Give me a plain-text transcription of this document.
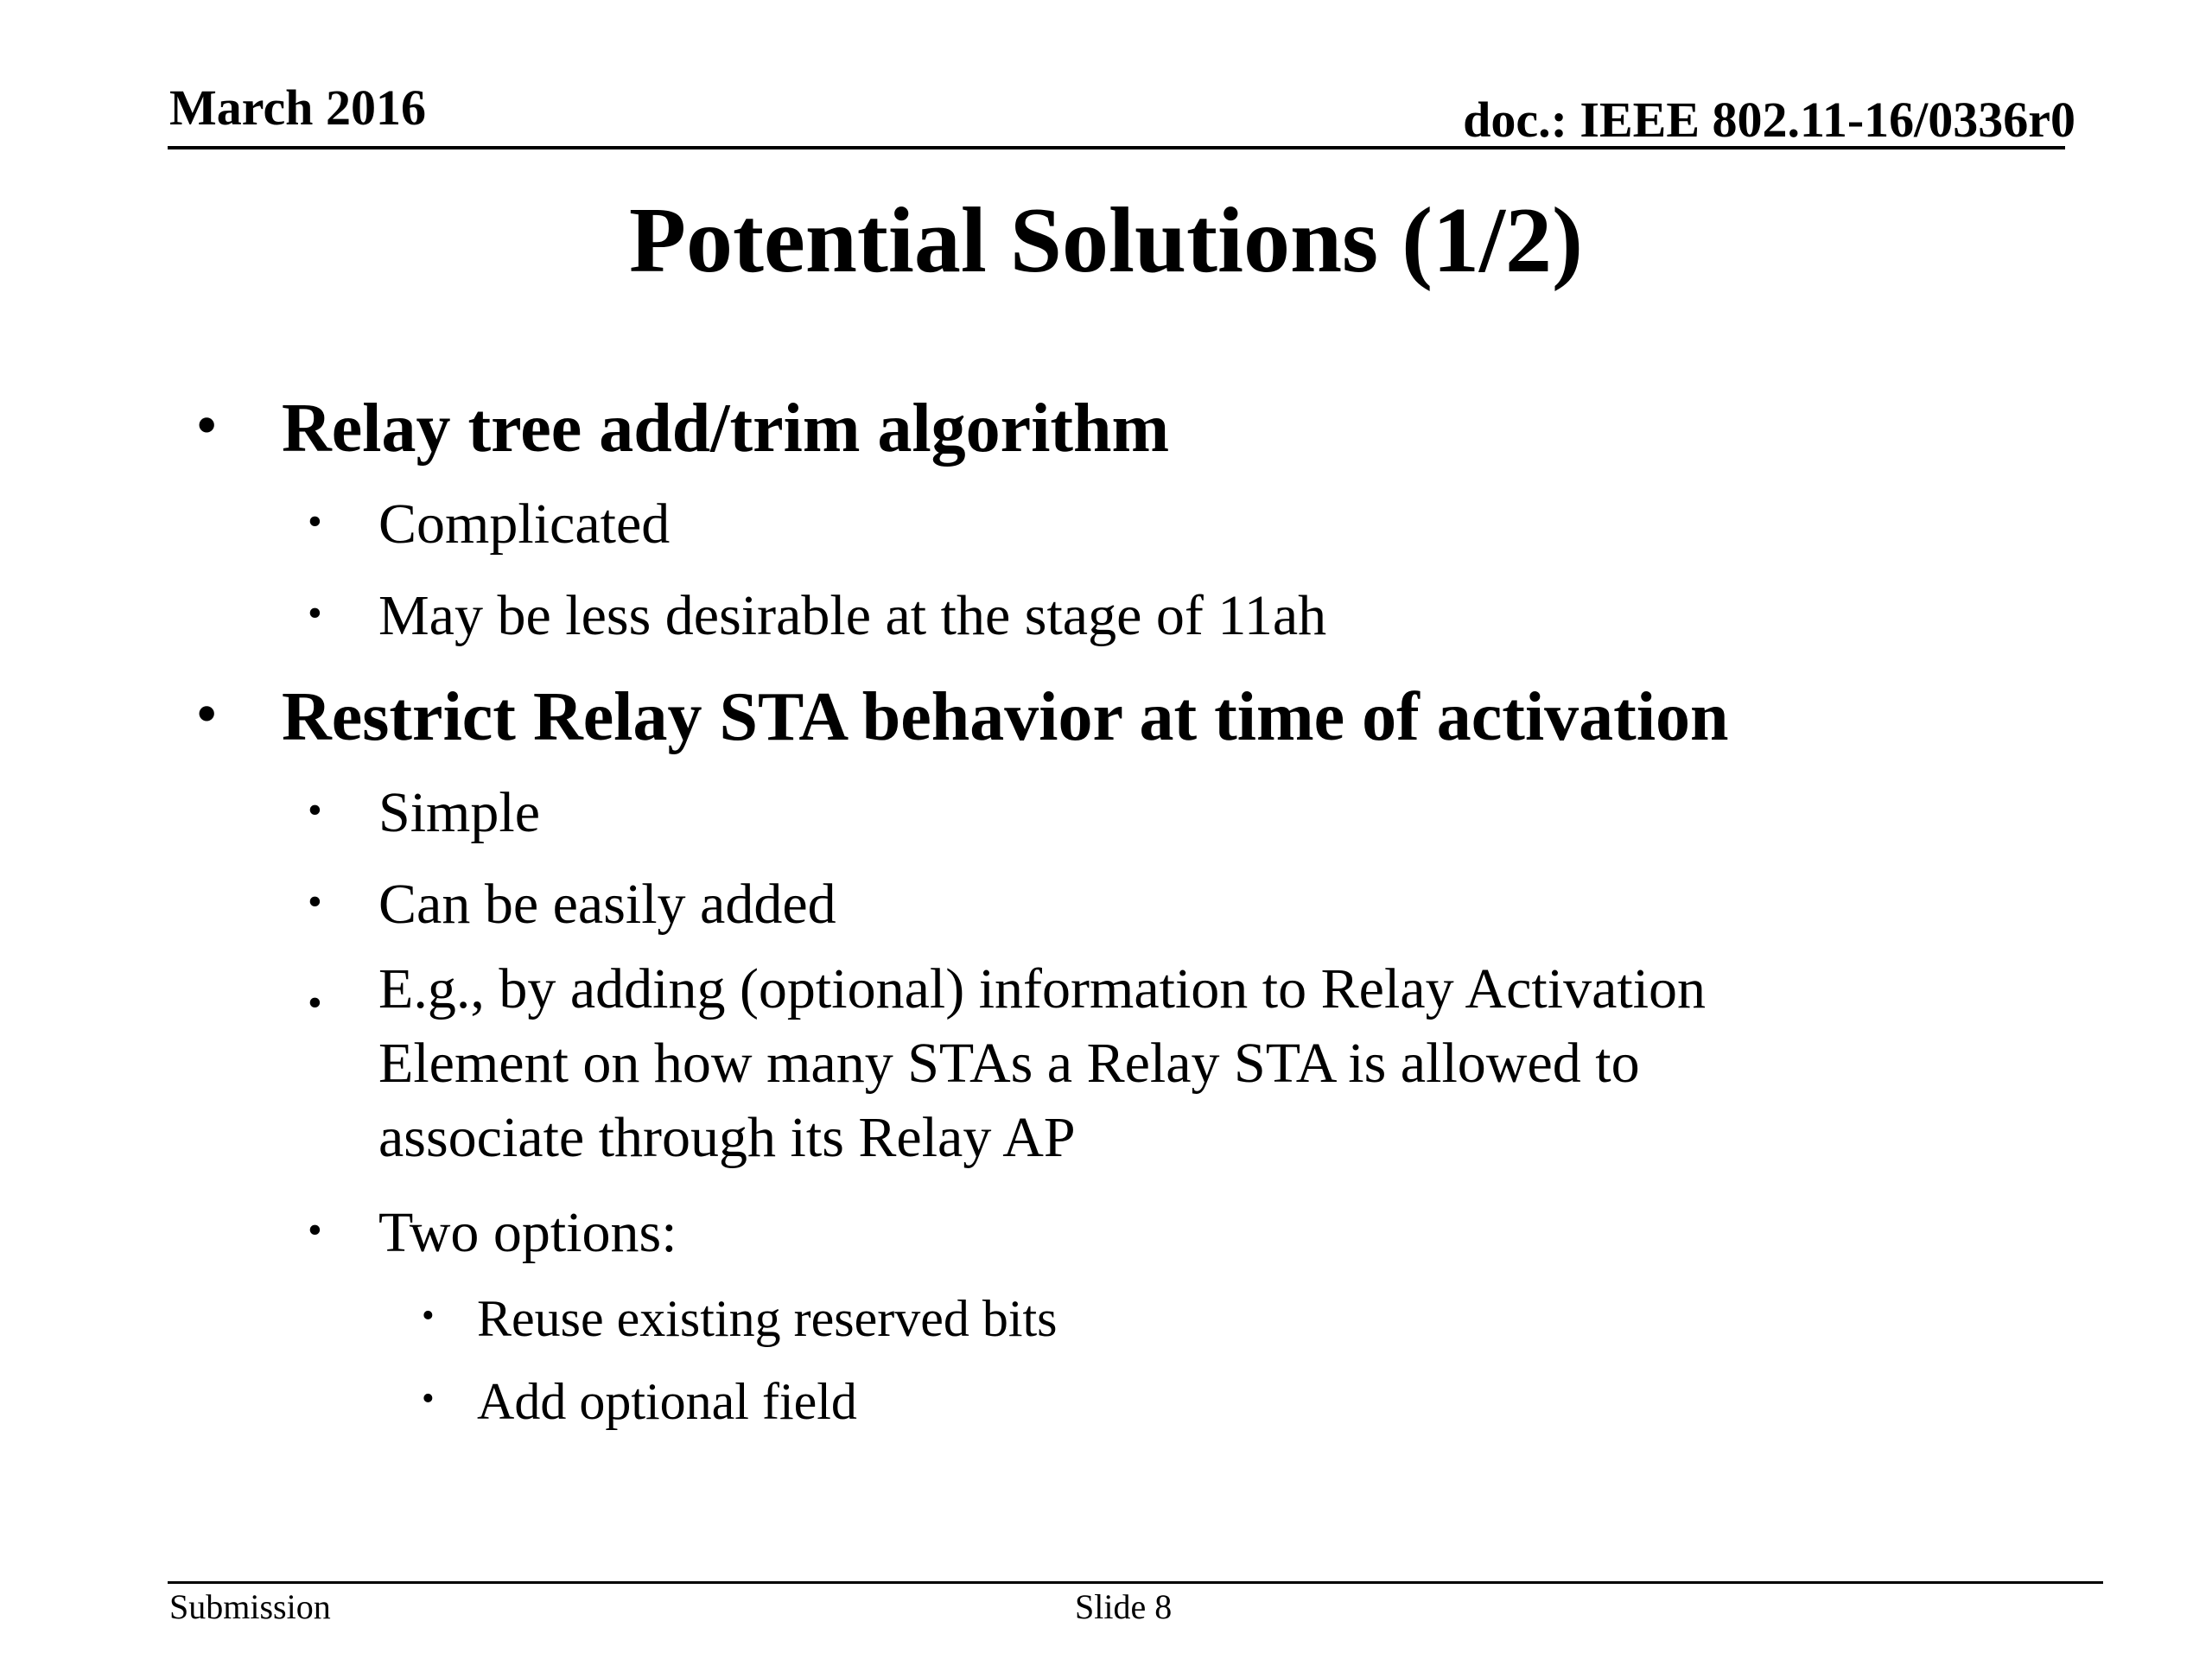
March 2016	doc.: IEEE 802.11-16/0336r0
Potential Solutions (1/2)
• Relay tree add/trim algorithm
• Complicated
• May be less desirable at the stage of 11ah
• Restrict Relay STA behavior at time of activation
• Simple
• Can be easily added
• E.g., by adding (optional) information to Relay Activation
Element on how many STAs a Relay STA is allowed to
associate through its Relay AP
• Two options:
• Reuse existing reserved bits
• Add optional field
Submission	Slide 8
